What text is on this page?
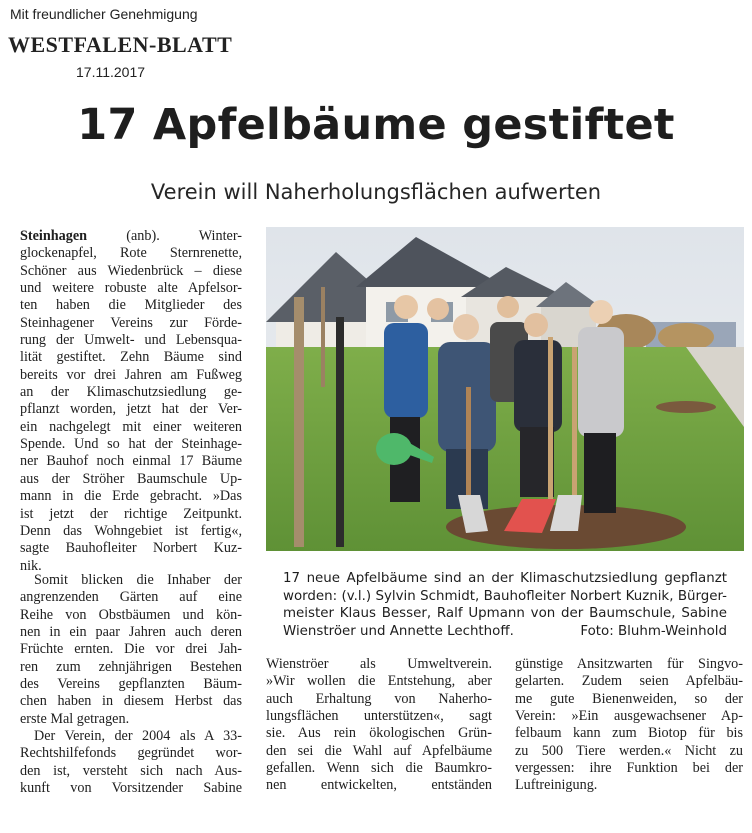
Mit freundlicher Genehmigung
WESTFALEN-BLATT
17.11.2017
17 Apfelbäume gestiftet
Verein will Naherholungsflächen aufwerten
Steinhagen	(anb). Winter-
glockenapfel, Rote Sternrenette,
Schöner aus Wiedenbrück – diese
und weitere robuste alte Apfelsor-
ten haben die Mitglieder des
Steinhagener Vereins zur Förde-
rung der Umwelt- und Lebensqua-
lität gestiftet. Zehn Bäume sind
bereits vor drei Jahren am Fußweg
an der Klimaschutzsiedlung ge-
pflanzt worden, jetzt hat der Ver-
ein nachgelegt mit einer weiteren
Spende. Und so hat der Steinhage-
ner Bauhof noch einmal 17 Bäume
aus der Ströher Baumschule Up-
mann in die Erde gebracht. »Das
ist jetzt der richtige Zeitpunkt.
Denn das Wohngebiet ist fertig«,
sagte Bauhofleiter Norbert Kuz-
nik.
Somit blicken die Inhaber der
angrenzenden Gärten auf eine
Reihe von Obstbäumen und kön-
nen in ein paar Jahren auch deren
Früchte ernten. Die vor drei Jah-
ren zum zehnjährigen Bestehen
des Vereins gepflanzten Bäum-
chen haben in diesem Herbst das
erste Mal getragen.
Der Verein, der 2004 als A 33-
Rechtshilfefonds gegründet wor-
den ist, versteht sich nach Aus-
kunft von Vorsitzender Sabine
17 neue Apfelbäume sind an der Klimaschutzsiedlung gepflanzt
worden: (v.l.) Sylvin Schmidt, Bauhofleiter Norbert Kuznik, Bürger-
meister Klaus Besser, Ralf Upmann von der Baumschule, Sabine
Wienströer und Annette Lechthoff.	Foto: Bluhm-Weinhold
Wienströer als Umweltverein.
»Wir wollen die Entstehung, aber
auch Erhaltung von Naherho-
lungsflächen unterstützen«, sagt
sie. Aus rein ökologischen Grün-
den sei die Wahl auf Apfelbäume
gefallen. Wenn sich die Baumkro-
nen entwickelten, entständen
günstige Ansitzwarten für Singvo-
gelarten. Zudem seien Apfelbäu-
me gute Bienenweiden, so der
Verein: »Ein ausgewachsener Ap-
felbaum kann zum Biotop für bis
zu 500 Tiere werden.« Nicht zu
vergessen: ihre Funktion bei der
Luftreinigung.
